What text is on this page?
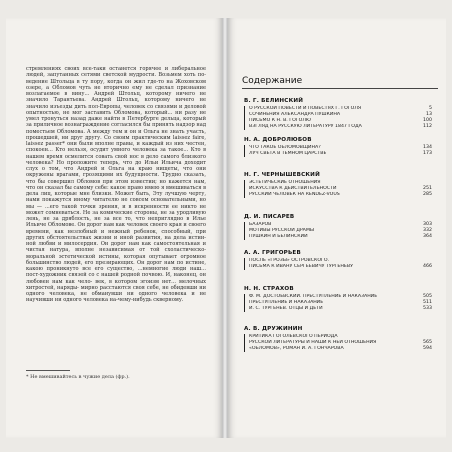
стремлениях своих все-таки останется горячее и либеральное людей, запутанных сетями светской мудрости. Возьмем хоть по- ведение Штольца в ту пору, когда он жил где-то на Жоховском озере, а Обломов чуть не вторично ему не сделал признание возлагаемое в вину... Андрей Штольц, которому ничего не значило Тарантьева. Андрей Штольц, которому ничего не значило изъезды дить пол-Европы, человек со связями и деловой опытностью, не мог заставить Обломова, который... ни разу не умел тронуться назад даже найти в Петербурге дельца, который за приличное вознаграждение согласился бы принять надзор над поместьем Обломова. А между тем и он и Ольга не знать участь, прошедшей, ни друг другу. Со своим практическим laissez faire, laissez passer* они были вполне правы, и каждый из них честен, спокоен... Кто нельзя, осудит умного человека за такое... Кто в нашем время осмелится совать свой нос в дело самого близкого человека? Но проложите теперь, что до Ильи Ильича доходит слух о том, что Андрей и Ольга на краю нищеты, что они окружены врагами, грозящими их будущности. Трудно сказать, что бы совершил Обломов при этом известии; но кажется нам, что он сказал бы самому себе: какое право имею я вмешиваться в дела лиц, которые мне близки. Может быть, Эту лучшую черту, нами покажутся иному читателю не совсем основательными, но мы — ...его такой точки зрения, и в искренности ее никто не может сомневаться. Не за комические стороны, не за уродливую лень, не за дряблость, не за все то, что неприглядно в Илье Ильиче Обломове. Он дорог нам как человек своего края и своего времени, как незлобный и нежный ребенок, способный, при других обстоятельствах жизни и иной развития, на дела истин- ной любви и милосердия. Он дорог нам как самостоятельная и чистая натура, вполне независимая от той схоластическо-моральной эстетической истины, которая опутывает огромное большинство людей, его презирающих. Он дорог нам по истине, какою проникнуто все его существо, ...немногие люди наш... пост-художник связей со с нашей родной почвою. И, наконец, он любовен нам как чело- век, в котором эгоизм нет... мелочных хитростей, наряды- мирно расстаются своя себе, не обидевши ни одного человека, не обманувши ни одного человека и не научивши ни одного человека на-чему-нибудь скверному.

* Не вмешивайтесь в чужие дела (фр.).

Содержание
В. Г. БЕЛИНСКИЙ
О РУССКОЙ ПОВЕСТИ И ПОВЕСТЯХ Г. ГОГОЛЯ	5
СОЧИНЕНИЯ АЛЕКСАНДРА ПУШКИНА	13
ПИСЬМО К Н. В. ГОГОЛЮ	100
ВЗГЛЯД НА РУССКУЮ ЛИТЕРАТУРУ 1847 ГОДА	112
Н. А. ДОБРОЛЮБОВ
ЧТО ТАКОЕ ОБЛОМОВЩИНА?	134
ЛУЧ СВЕТА В ТЕМНОМ ЦАРСТВЕ	173
Н. Г. ЧЕРНЫШЕВСКИЙ
ЭСТЕТИЧЕСКИЕ ОТНОШЕНИЯ
ИСКУССТВА К ДЕЙСТВИТЕЛЬНОСТИ	251
РУССКИЙ ЧЕЛОВЕК НА RENDEZ-VOUS	285
Д. И. ПИСАРЕВ
БАЗАРОВ	303
МОТИВЫ РУССКОЙ ДРАМЫ	332
ПУШКИН И БЕЛИНСКИЙ	364
А. А. ГРИГОРЬЕВ
ПОСЛЕ «ГРОЗЫ» ОСТРОВСКОГО.
ПИСЬМА К ИВАНУ СЕРГЕЕВИЧУ ТУРГЕНЕВУ	466
Н. Н. СТРАХОВ
Ф. М. ДОСТОЕВСКИЙ. ПРЕСТУПЛЕНИЕ И НАКАЗАНИЕ	505
ПРЕСТУПЛЕНИЕ И НАКАЗАНИЕ	511
И. С. ТУРГЕНЕВ. ОТЦЫ И ДЕТИ	533
А. В. ДРУЖИНИН
КРИТИКА ГОГОЛЕВСКОГО ПЕРИОДА
РУССКОЙ ЛИТЕРАТУРЫ И НАШИ К НЕЙ ОТНОШЕНИЯ	565
«ОБЛОМОВ», РОМАН И. А. ГОНЧАРОВА	594
